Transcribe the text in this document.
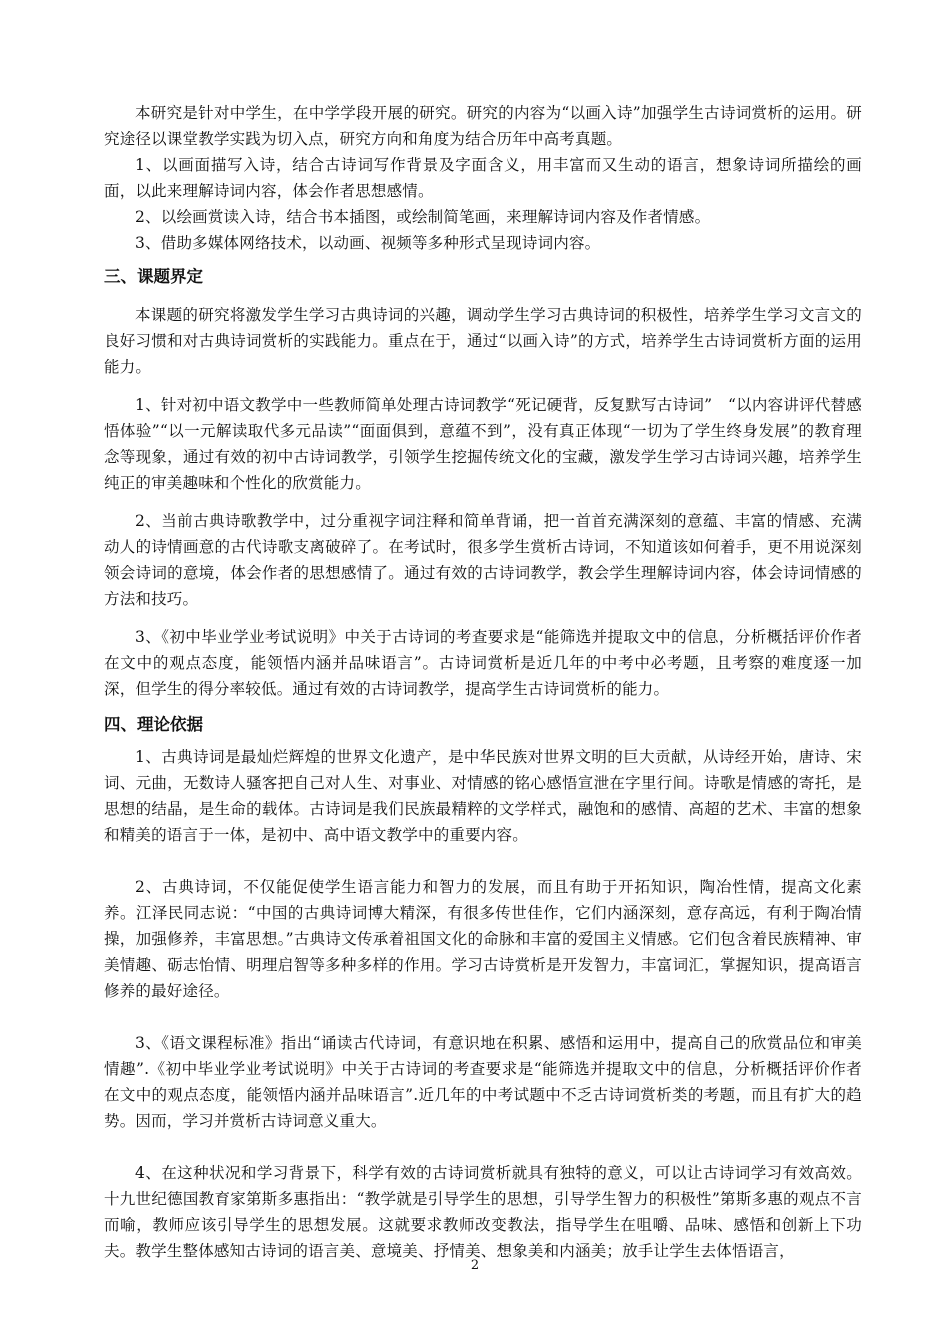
本研究是针对中学生，在中学学段开展的研究。研究的内容为“以画入诗”加强学生古诗词赏析的运用。研究途径以课堂教学实践为切入点，研究方向和角度为结合历年中高考真题。

1、以画面描写入诗，结合古诗词写作背景及字面含义，用丰富而又生动的语言，想象诗词所描绘的画面，以此来理解诗词内容，体会作者思想感情。

2、以绘画赏读入诗，结合书本插图，或绘制简笔画，来理解诗词内容及作者情感。

3、借助多媒体网络技术，以动画、视频等多种形式呈现诗词内容。

三、课题界定

本课题的研究将激发学生学习古典诗词的兴趣，调动学生学习古典诗词的积极性，培养学生学习文言文的良好习惯和对古典诗词赏析的实践能力。重点在于，通过“以画入诗”的方式，培养学生古诗词赏析方面的运用能力。

1、针对初中语文教学中一些教师简单处理古诗词教学“死记硬背，反复默写古诗词”　“以内容讲评代替感悟体验”“以一元解读取代多元品读”“面面俱到，意蕴不到”，没有真正体现“一切为了学生终身发展”的教育理念等现象，通过有效的初中古诗词教学，引领学生挖掘传统文化的宝藏，激发学生学习古诗词兴趣，培养学生纯正的审美趣味和个性化的欣赏能力。

2、当前古典诗歌教学中，过分重视字词注释和简单背诵，把一首首充满深刻的意蕴、丰富的情感、充满动人的诗情画意的古代诗歌支离破碎了。在考试时，很多学生赏析古诗词，不知道该如何着手，更不用说深刻领会诗词的意境，体会作者的思想感情了。通过有效的古诗词教学，教会学生理解诗词内容，体会诗词情感的方法和技巧。

3、《初中毕业学业考试说明》中关于古诗词的考查要求是“能筛选并提取文中的信息，分析概括评价作者在文中的观点态度，能领悟内涵并品味语言”。古诗词赏析是近几年的中考中必考题，且考察的难度逐一加深，但学生的得分率较低。通过有效的古诗词教学，提高学生古诗词赏析的能力。

四、理论依据

1、古典诗词是最灿烂辉煌的世界文化遗产，是中华民族对世界文明的巨大贡献，从诗经开始，唐诗、宋词、元曲，无数诗人骚客把自己对人生、对事业、对情感的铭心感悟宣泄在字里行间。诗歌是情感的寄托，是思想的结晶，是生命的载体。古诗词是我们民族最精粹的文学样式，融饱和的感情、高超的艺术、丰富的想象和精美的语言于一体，是初中、高中语文教学中的重要内容。

2、古典诗词，不仅能促使学生语言能力和智力的发展，而且有助于开拓知识，陶冶性情，提高文化素养。江泽民同志说：“中国的古典诗词博大精深，有很多传世佳作，它们内涵深刻，意存高远，有利于陶冶情操，加强修养，丰富思想。”古典诗文传承着祖国文化的命脉和丰富的爱国主义情感。它们包含着民族精神、审美情趣、砺志怡情、明理启智等多种多样的作用。学习古诗赏析是开发智力，丰富词汇，掌握知识，提高语言修养的最好途径。

3、《语文课程标准》指出“诵读古代诗词，有意识地在积累、感悟和运用中，提高自己的欣赏品位和审美情趣”.《初中毕业学业考试说明》中关于古诗词的考查要求是“能筛选并提取文中的信息，分析概括评价作者在文中的观点态度，能领悟内涵并品味语言”.近几年的中考试题中不乏古诗词赏析类的考题，而且有扩大的趋势。因而，学习并赏析古诗词意义重大。

4、在这种状况和学习背景下，科学有效的古诗词赏析就具有独特的意义，可以让古诗词学习有效高效。十九世纪德国教育家第斯多惠指出：“教学就是引导学生的思想，引导学生智力的积极性”第斯多惠的观点不言而喻，教师应该引导学生的思想发展。这就要求教师改变教法，指导学生在咀嚼、品味、感悟和创新上下功夫。教学生整体感知古诗词的语言美、意境美、抒情美、想象美和内涵美；放手让学生去体悟语言，

2
